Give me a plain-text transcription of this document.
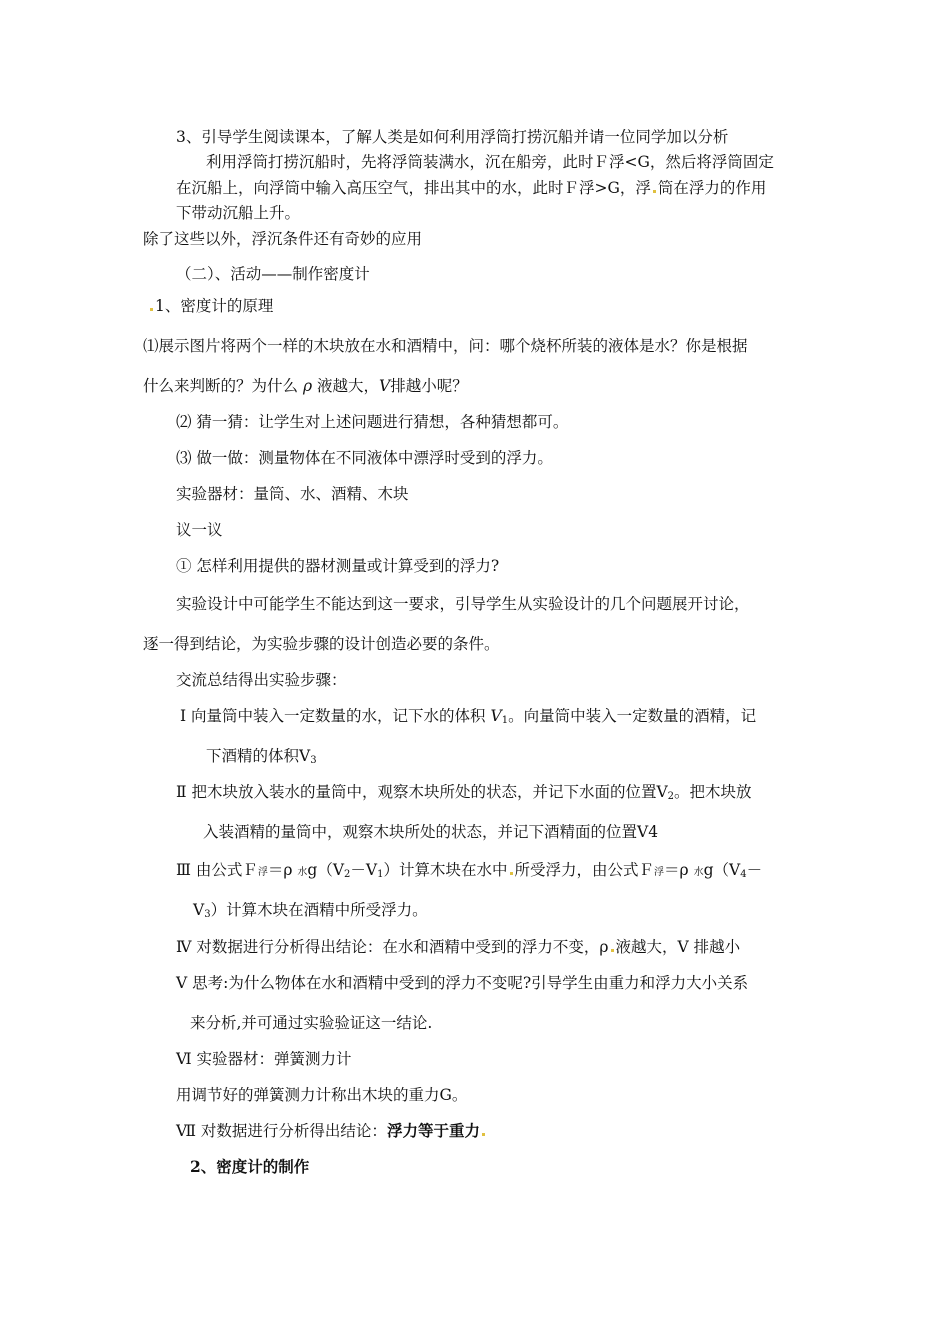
3、引导学生阅读课本，了解人类是如何利用浮筒打捞沉船并请一位同学加以分析
利用浮筒打捞沉船时，先将浮筒装满水，沉在船旁，此时Ｆ浮<G，然后将浮筒固定
在沉船上，向浮筒中输入高压空气，排出其中的水，此时Ｆ浮>G，浮 筒在浮力的作用
下带动沉船上升。
除了这些以外，浮沉条件还有奇妙的应用
（二）、活动——制作密度计
1、密度计的原理
⑴展示图片将两个一样的木块放在水和酒精中，问：哪个烧杯所装的液体是水？你是根据
什么来判断的？为什么 ρ 液越大，V排越小呢？
⑵ 猜一猜：让学生对上述问题进行猜想，各种猜想都可。
⑶ 做一做：测量物体在不同液体中漂浮时受到的浮力。
实验器材：量筒、水、酒精、木块
议一议
① 怎样利用提供的器材测量或计算受到的浮力?
实验设计中可能学生不能达到这一要求，引导学生从实验设计的几个问题展开讨论，
逐一得到结论，为实验步骤的设计创造必要的条件。
交流总结得出实验步骤：
Ⅰ 向量筒中装入一定数量的水，记下水的体积 $V_1$。向量筒中装入一定数量的酒精，记
下酒精的体积$V_3$
Ⅱ 把木块放入装水的量筒中，观察木块所处的状态，并记下水面的位置$V_2$。把木块放
入装酒精的量筒中，观察木块所处的状态，并记下酒精面的位置V4
Ⅲ 由公式Ｆ浮＝ρ 水$g(V_2-V_1)$计算木块在水中 所受浮力，由公式Ｆ浮＝ρ 水$g(V_4-$
$V_3$）计算木块在酒精中所受浮力。
Ⅳ 对数据进行分析得出结论：在水和酒精中受到的浮力不变，ρ 液越大，V 排越小
Ⅴ 思考:为什么物体在水和酒精中受到的浮力不变呢?引导学生由重力和浮力大小关系
来分析,并可通过实验验证这一结论.
Ⅵ 实验器材：弹簧测力计
用调节好的弹簧测力计称出木块的重力G。
Ⅶ 对数据进行分析得出结论：浮力等于重力
2、密度计的制作
